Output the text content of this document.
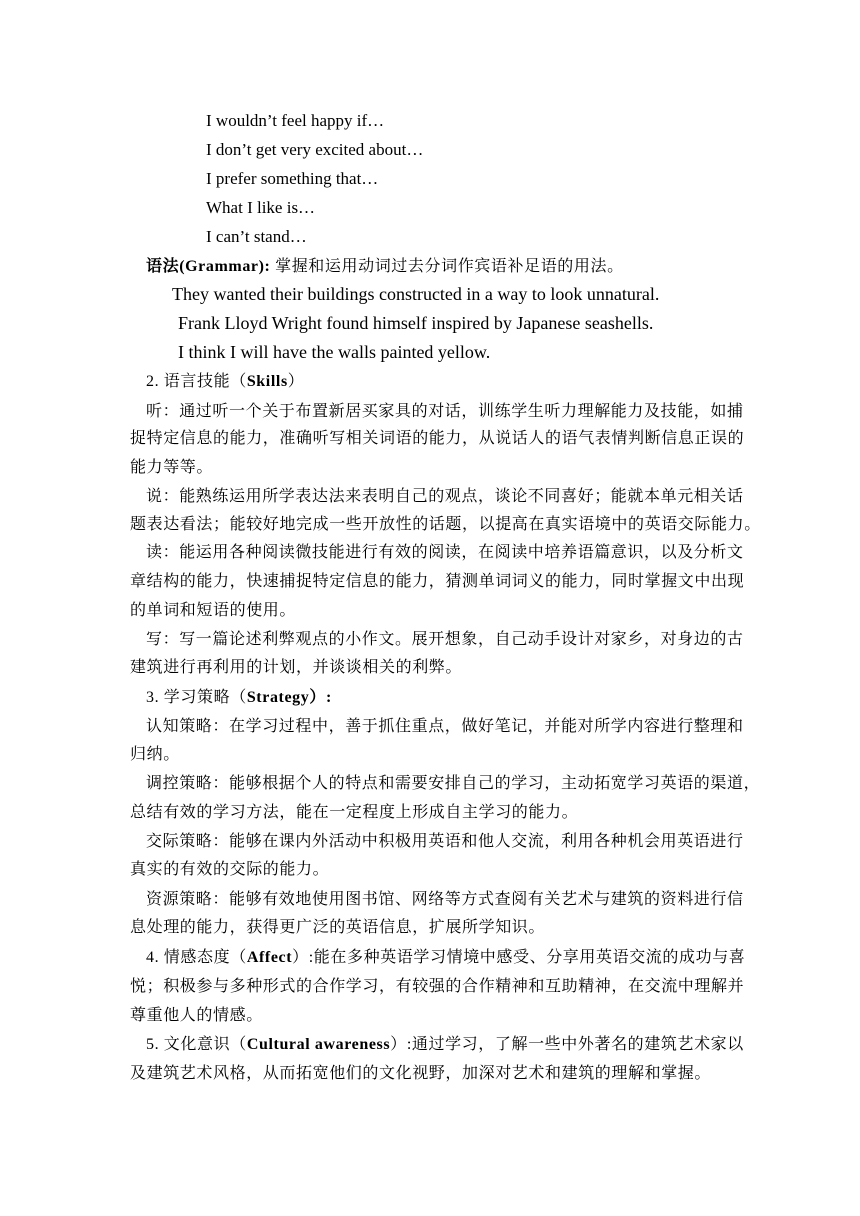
I wouldn’t feel happy if…
I don’t get very excited about…
I prefer something that…
What I like is…
I can’t stand…
语法(Grammar): 掌握和运用动词过去分词作宾语补足语的用法。
They wanted their buildings constructed in a way to look unnatural.
Frank Lloyd Wright found himself inspired by Japanese seashells.
I think I will have the walls painted yellow.
2. 语言技能（Skills）
听：通过听一个关于布置新居买家具的对话，训练学生听力理解能力及技能，如捕
捉特定信息的能力，准确听写相关词语的能力，从说话人的语气表情判断信息正误的
能力等等。
说：能熟练运用所学表达法来表明自己的观点，谈论不同喜好；能就本单元相关话
题表达看法；能较好地完成一些开放性的话题，以提高在真实语境中的英语交际能力。
读：能运用各种阅读微技能进行有效的阅读，在阅读中培养语篇意识，以及分析文
章结构的能力，快速捕捉特定信息的能力，猜测单词词义的能力，同时掌握文中出现
的单词和短语的使用。
写：写一篇论述利弊观点的小作文。展开想象，自己动手设计对家乡，对身边的古
建筑进行再利用的计划，并谈谈相关的利弊。
3. 学习策略（Strategy）:
认知策略：在学习过程中，善于抓住重点，做好笔记，并能对所学内容进行整理和
归纳。
调控策略：能够根据个人的特点和需要安排自己的学习，主动拓宽学习英语的渠道，
总结有效的学习方法，能在一定程度上形成自主学习的能力。
交际策略：能够在课内外活动中积极用英语和他人交流，利用各种机会用英语进行
真实的有效的交际的能力。
资源策略：能够有效地使用图书馆、网络等方式查阅有关艺术与建筑的资料进行信
息处理的能力，获得更广泛的英语信息，扩展所学知识。
4. 情感态度（Affect）:能在多种英语学习情境中感受、分享用英语交流的成功与喜
悦；积极参与多种形式的合作学习，有较强的合作精神和互助精神，在交流中理解并
尊重他人的情感。
5. 文化意识（Cultural awareness）:通过学习，了解一些中外著名的建筑艺术家以
及建筑艺术风格，从而拓宽他们的文化视野，加深对艺术和建筑的理解和掌握。
